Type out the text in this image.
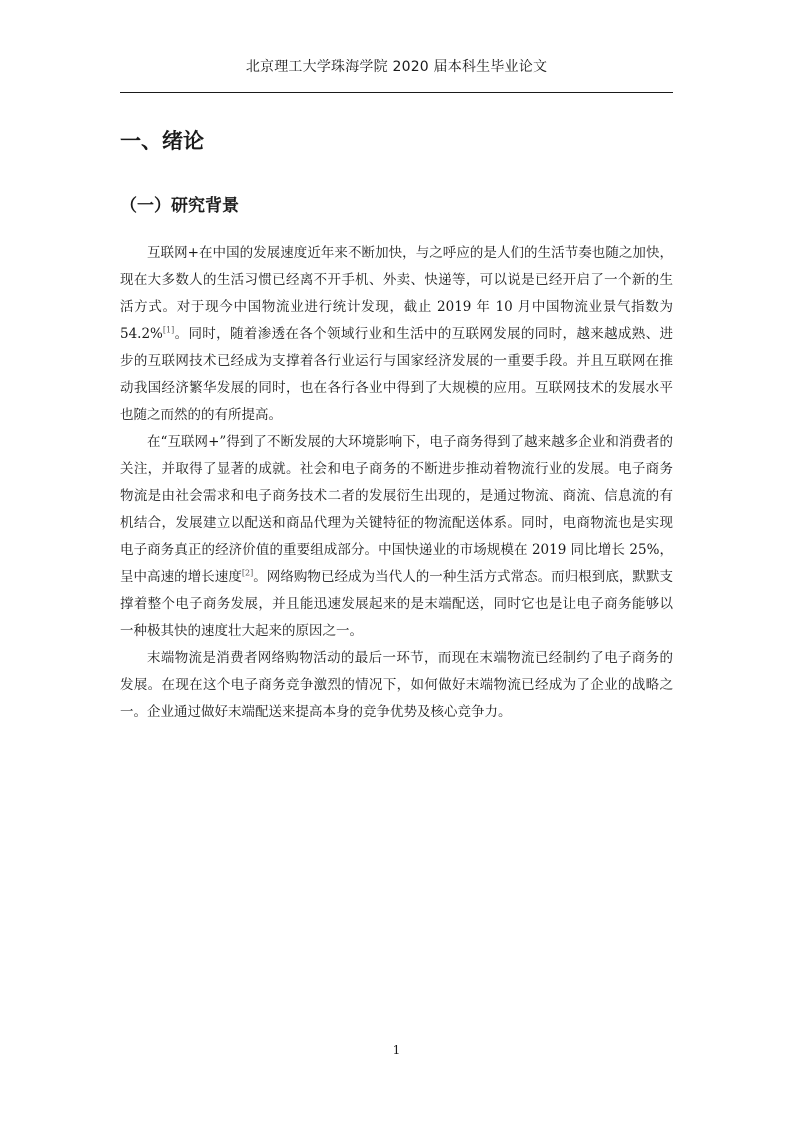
北京理工大学珠海学院 2020 届本科生毕业论文
一、绪论
（一）研究背景

互联网+在中国的发展速度近年来不断加快，与之呼应的是人们的生活节奏也随之加快，现在大多数人的生活习惯已经离不开手机、外卖、快递等，可以说是已经开启了一个新的生活方式。对于现今中国物流业进行统计发现，截止 2019 年 10 月中国物流业景气指数为 54.2%[1]。同时，随着渗透在各个领域行业和生活中的互联网发展的同时，越来越成熟、进步的互联网技术已经成为支撑着各行业运行与国家经济发展的一重要手段。并且互联网在推动我国经济繁华发展的同时，也在各行各业中得到了大规模的应用。互联网技术的发展水平也随之而然的的有所提高。

在“互联网+”得到了不断发展的大环境影响下，电子商务得到了越来越多企业和消费者的关注，并取得了显著的成就。社会和电子商务的不断进步推动着物流行业的发展。电子商务物流是由社会需求和电子商务技术二者的发展衍生出现的，是通过物流、商流、信息流的有机结合，发展建立以配送和商品代理为关键特征的物流配送体系。同时，电商物流也是实现电子商务真正的经济价值的重要组成部分。中国快递业的市场规模在 2019 同比增长 25%，呈中高速的增长速度[2]。网络购物已经成为当代人的一种生活方式常态。而归根到底，默默支撑着整个电子商务发展，并且能迅速发展起来的是末端配送，同时它也是让电子商务能够以一种极其快的速度壮大起来的原因之一。

末端物流是消费者网络购物活动的最后一环节，而现在末端物流已经制约了电子商务的发展。在现在这个电子商务竞争激烈的情况下，如何做好末端物流已经成为了企业的战略之一。企业通过做好末端配送来提高本身的竞争优势及核心竞争力。

1
